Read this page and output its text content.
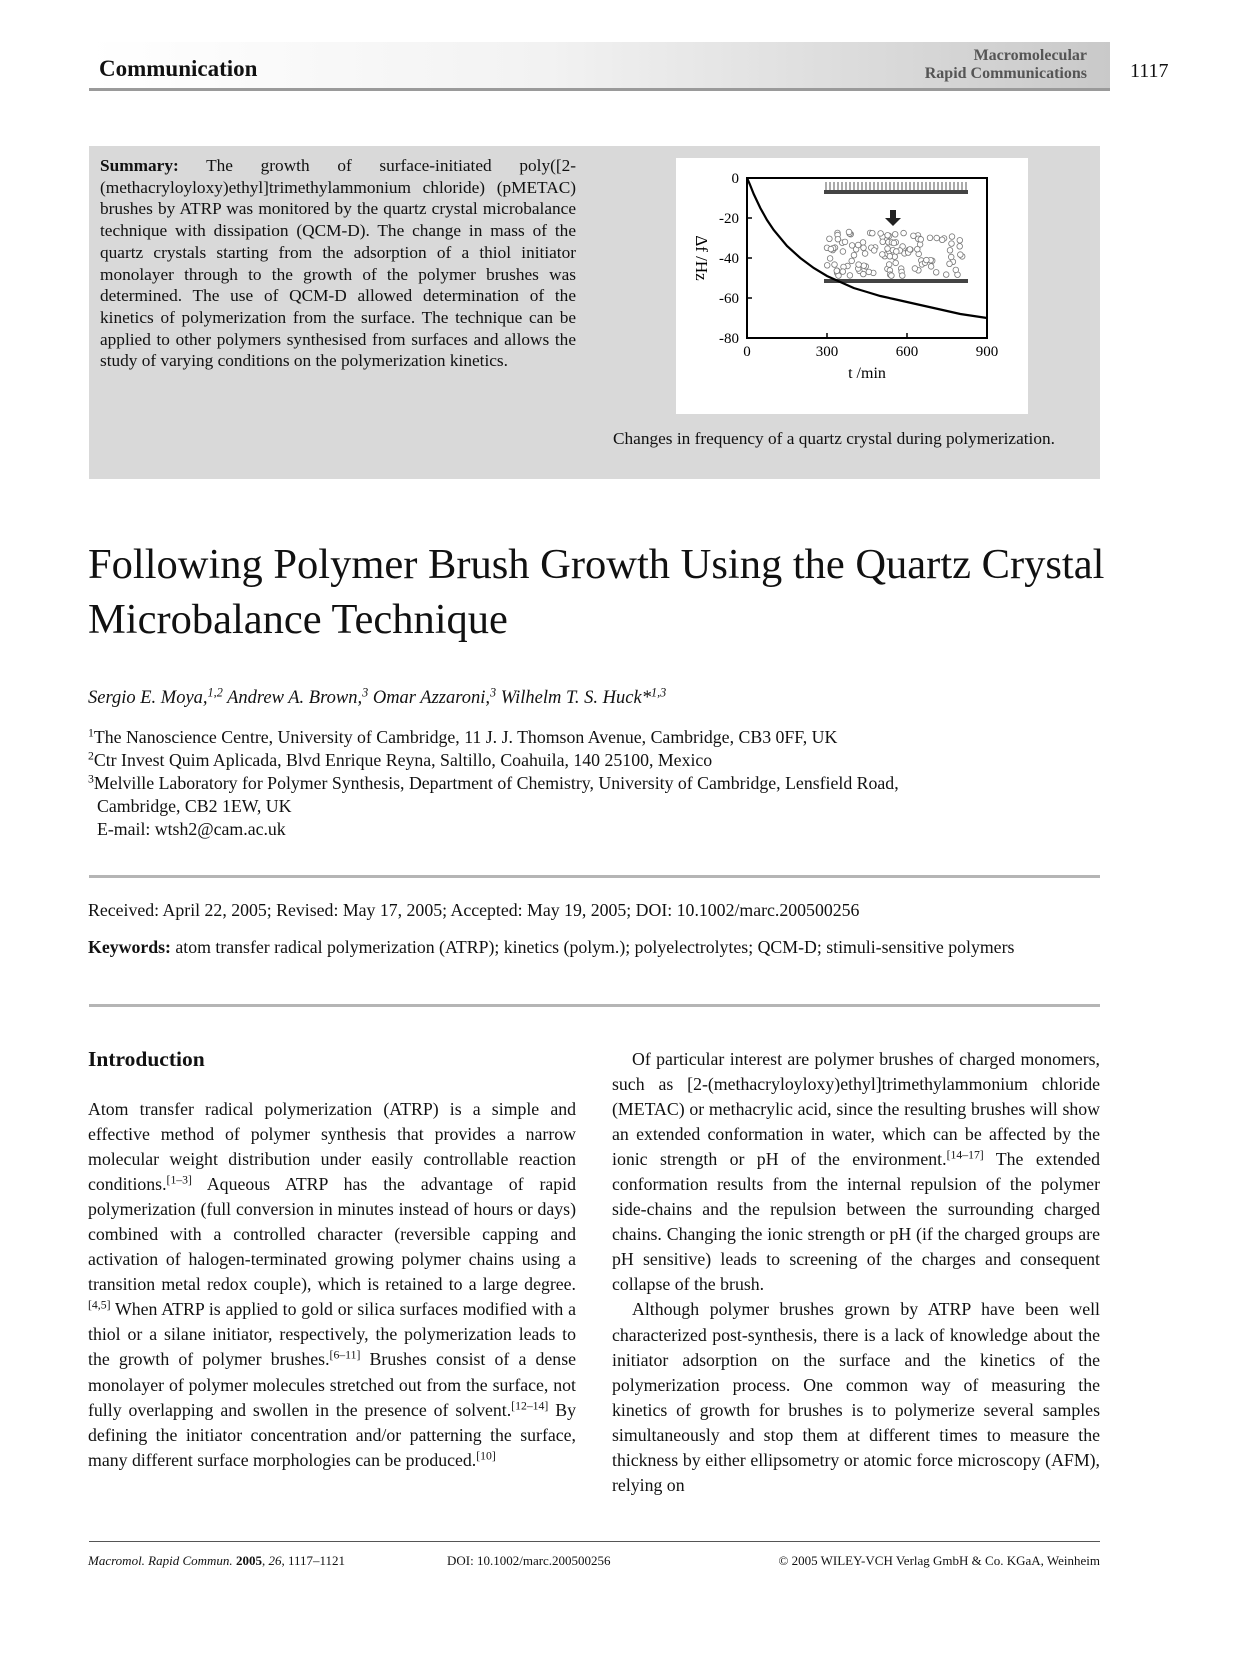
Communication
Macromolecular
Rapid Communications 1117
Summary: The growth of surface-initiated poly([2-(methacryloyloxy)ethyl]trimethylammonium chloride) (pMETAC) brushes by ATRP was monitored by the quartz crystal microbalance technique with dissipation (QCM-D). The change in mass of the quartz crystals starting from the adsorption of a thiol initiator monolayer through to the growth of the polymer brushes was determined. The use of QCM-D allowed determination of the kinetics of polymerization from the surface. The technique can be applied to other polymers synthesised from surfaces and allows the study of varying conditions on the polymerization kinetics.	0	300	600	900
0
-20
-40
-60
-80
t /min
Δf /Hz
Changes in frequency of a quartz crystal during polymerization.
Following Polymer Brush Growth Using the Quartz Crystal Microbalance Technique
Sergio E. Moya,$^{1,2}$ Andrew A. Brown,$^3$ Omar Azzaroni,$^3$ Wilhelm T. S. Huck*$^{1,3}$
$^1$The Nanoscience Centre, University of Cambridge, 11 J. J. Thomson Avenue, Cambridge, CB3 0FF, UK
$^2$Ctr Invest Quim Aplicada, Blvd Enrique Reyna, Saltillo, Coahuila, 140 25100, Mexico
$^3$Melville Laboratory for Polymer Synthesis, Department of Chemistry, University of Cambridge, Lensfield Road,
Cambridge, CB2 1EW, UK
E-mail: wtsh2@cam.ac.uk
Received: April 22, 2005; Revised: May 17, 2005; Accepted: May 19, 2005; DOI: 10.1002/marc.200500256
Keywords: atom transfer radical polymerization (ATRP); kinetics (polym.); polyelectrolytes; QCM-D; stimuli-sensitive polymers
Introduction

Atom transfer radical polymerization (ATRP) is a simple and effective method of polymer synthesis that provides a narrow molecular weight distribution under easily controllable reaction conditions.[1–3] Aqueous ATRP has the advantage of rapid polymerization (full conversion in minutes instead of hours or days) combined with a controlled character (reversible capping and activation of halogen-terminated growing polymer chains using a transition metal redox couple), which is retained to a large degree.[4,5] When ATRP is applied to gold or silica surfaces modified with a thiol or a silane initiator, respectively, the polymerization leads to the growth of polymer brushes.[6–11] Brushes consist of a dense monolayer of polymer molecules stretched out from the surface, not fully overlapping and swollen in the presence of solvent.[12–14] By defining the initiator concentration and/or patterning the surface, many different surface morphologies can be produced.[10]

Of particular interest are polymer brushes of charged monomers, such as [2-(methacryloyloxy)ethyl]trimethylammonium chloride (METAC) or methacrylic acid, since the resulting brushes will show an extended conformation in water, which can be affected by the ionic strength or pH of the environment.[14–17] The extended conformation results from the internal repulsion of the polymer side-chains and the repulsion between the surrounding charged chains. Changing the ionic strength or pH (if the charged groups are pH sensitive) leads to screening of the charges and consequent collapse of the brush.

Although polymer brushes grown by ATRP have been well characterized post-synthesis, there is a lack of knowledge about the initiator adsorption on the surface and the kinetics of the polymerization process. One common way of measuring the kinetics of growth for brushes is to polymerize several samples simultaneously and stop them at different times to measure the thickness by either ellipsometry or atomic force microscopy (AFM), relying on

Macromol. Rapid Commun. 2005, 26, 1117–1121	DOI: 10.1002/marc.200500256	© 2005 WILEY-VCH Verlag GmbH & Co. KGaA, Weinheim
